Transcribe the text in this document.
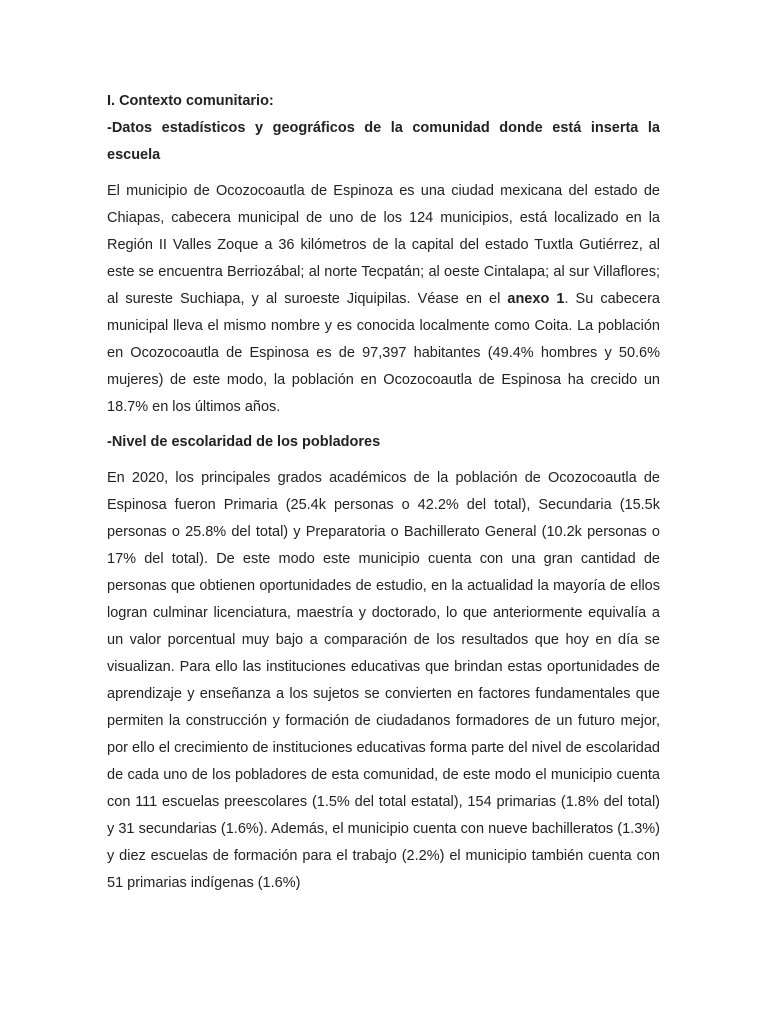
I. Contexto comunitario:

-Datos estadísticos y geográficos de la comunidad donde está inserta la escuela

El municipio de Ocozocoautla de Espinoza es una ciudad mexicana del estado de Chiapas, cabecera municipal de uno de los 124 municipios, está localizado en la Región II Valles Zoque a 36 kilómetros de la capital del estado Tuxtla Gutiérrez, al este se encuentra Berriozábal; al norte Tecpatán; al oeste Cintalapa; al sur Villaflores; al sureste Suchiapa, y al suroeste Jiquipilas. Véase en el anexo 1. Su cabecera municipal lleva el mismo nombre y es conocida localmente como Coita. La población en Ocozocoautla de Espinosa es de 97,397 habitantes (49.4% hombres y 50.6% mujeres) de este modo, la población en Ocozocoautla de Espinosa ha crecido un 18.7% en los últimos años.

-Nivel de escolaridad de los pobladores

En 2020, los principales grados académicos de la población de Ocozocoautla de Espinosa fueron Primaria (25.4k personas o 42.2% del total), Secundaria (15.5k personas o 25.8% del total) y Preparatoria o Bachillerato General (10.2k personas o 17% del total). De este modo este municipio cuenta con una gran cantidad de personas que obtienen oportunidades de estudio, en la actualidad la mayoría de ellos logran culminar licenciatura, maestría y doctorado, lo que anteriormente equivalía a un valor porcentual muy bajo a comparación de los resultados que hoy en día se visualizan. Para ello las instituciones educativas que brindan estas oportunidades de aprendizaje y enseñanza a los sujetos se convierten en factores fundamentales que permiten la construcción y formación de ciudadanos formadores de un futuro mejor, por ello el crecimiento de instituciones educativas forma parte del nivel de escolaridad de cada uno de los pobladores de esta comunidad, de este modo el municipio cuenta con 111 escuelas preescolares (1.5% del total estatal), 154 primarias (1.8% del total) y 31 secundarias (1.6%). Además, el municipio cuenta con nueve bachilleratos (1.3%) y diez escuelas de formación para el trabajo (2.2%) el municipio también cuenta con 51 primarias indígenas (1.6%)
